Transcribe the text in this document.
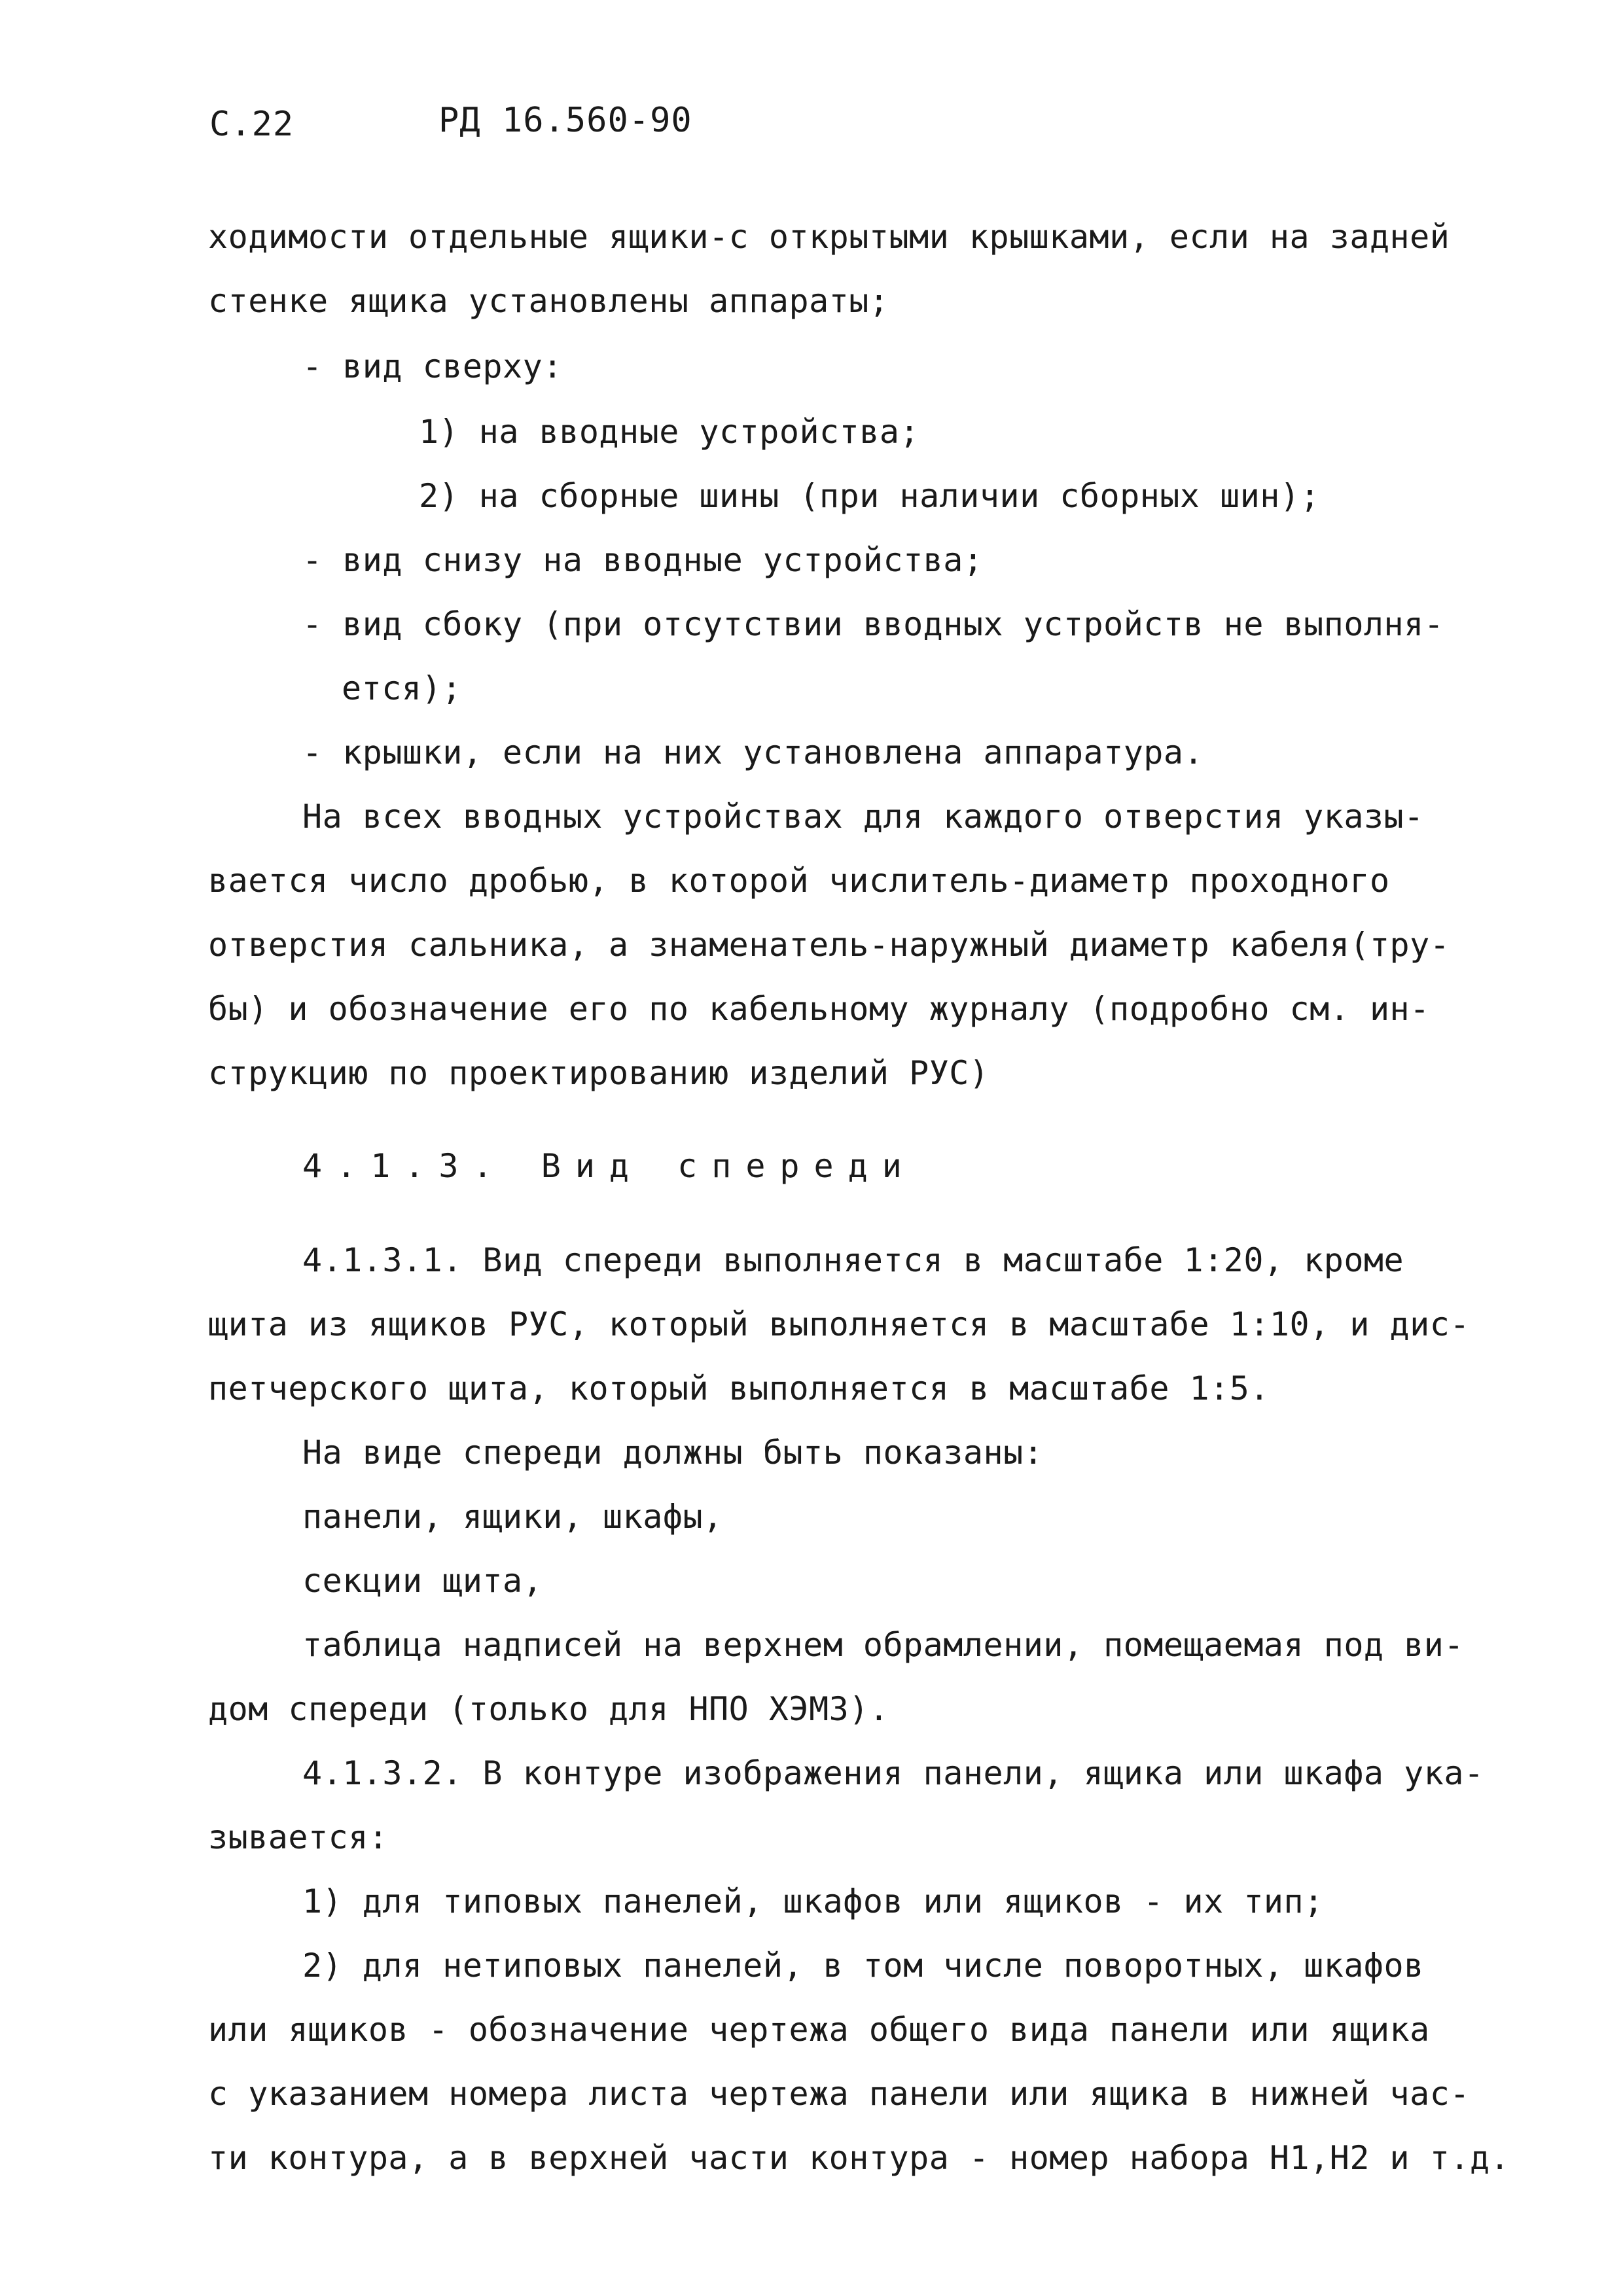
С.22	РД 16.560-90
ходимости отдельные ящики-с открытыми крышками, если на задней
стенке ящика установлены аппараты;
- вид сверху:
1) на вводные устройства;
2) на сборные шины (при наличии сборных шин);
- вид снизу на вводные устройства;
- вид сбоку (при отсутствии вводных устройств не выполня-
ется);
- крышки, если на них установлена аппаратура.
На всех вводных устройствах для каждого отверстия указы-
вается число дробью, в которой числитель-диаметр проходного
отверстия сальника, а знаменатель-наружный диаметр кабеля(тру-
бы) и обозначение его по кабельному журналу (подробно см. ин-
струкцию по проектированию изделий РУС)
4.1.3. Вид спереди
4.1.3.1. Вид спереди выполняется в масштабе 1:20, кроме
щита из ящиков РУС, который выполняется в масштабе 1:10, и дис-
петчерского щита, который выполняется в масштабе 1:5.
На виде спереди должны быть показаны:
панели, ящики, шкафы,
секции щита,
таблица надписей на верхнем обрамлении, помещаемая под ви-
дом спереди (только для НПО ХЭМЗ).
4.1.3.2. В контуре изображения панели, ящика или шкафа ука-
зывается:
1) для типовых панелей, шкафов или ящиков - их тип;
2) для нетиповых панелей, в том числе поворотных, шкафов
или ящиков - обозначение чертежа общего вида панели или ящика
с указанием номера листа чертежа панели или ящика в нижней час-
ти контура, а в верхней части контура - номер набора Н1,Н2 и т.д.
